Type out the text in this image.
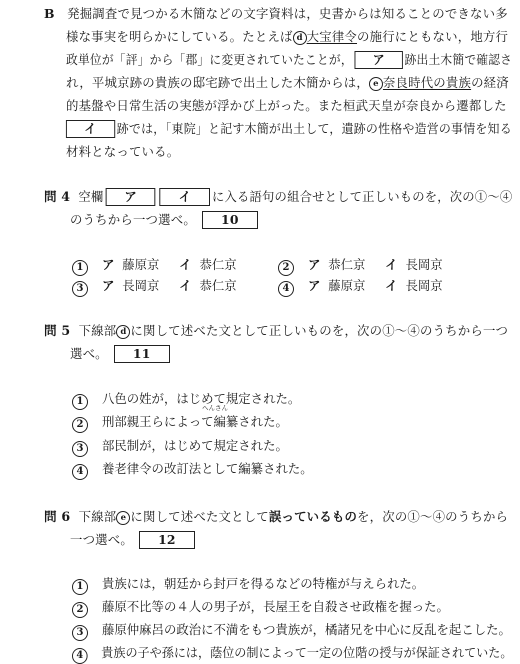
B 発掘調査で見つかる木簡などの文字資料は，史書からは知ることのできない多
様な事実を明らかにしている。たとえば d 大宝律令の施行にともない，地方行
政単位が「評」から「郡」に変更されていたことが， ア 跡出土木簡で確認さ
れ，平城京跡の貴族の邸宅跡で出土した木簡からは， e 奈良時代の貴族の経済
的基盤や日常生活の実態が浮かび上がった。また桓武天皇が奈良から遷都した
イ 跡では，「東院」と記す木簡が出土して，遺跡の性格や造営の事情を知る
材料となっている。
問 4 空欄 ア	イ に入る語句の組合せとして正しいものを，次の①～④
のうちから一つ選べ。 10
1 ア 藤原京 イ 恭仁京	2 ア 恭仁京 イ 長岡京
3 ア 長岡京 イ 恭仁京	4 ア 藤原京 イ 長岡京
問 5 下線部 d に関して述べた文として正しいものを，次の①～④のうちから一つ
選べ。 11
1 八色の姓が，はじめて規定された。
へんさん
2 刑部親王らによって編纂された。
3 部民制が，はじめて規定された。
4 養老律令の改訂法として編纂された。
問 6 下線部 e に関して述べた文として誤っているものを，次の①～④のうちから
一つ選べ。 12
1 貴族には，朝廷から封戸を得るなどの特権が与えられた。
2 藤原不比等の４人の男子が，長屋王を自殺させ政権を握った。
3 藤原仲麻呂の政治に不満をもつ貴族が，橘諸兄を中心に反乱を起こした。
4 貴族の子や孫には，蔭位の制によって一定の位階の授与が保証されていた。
